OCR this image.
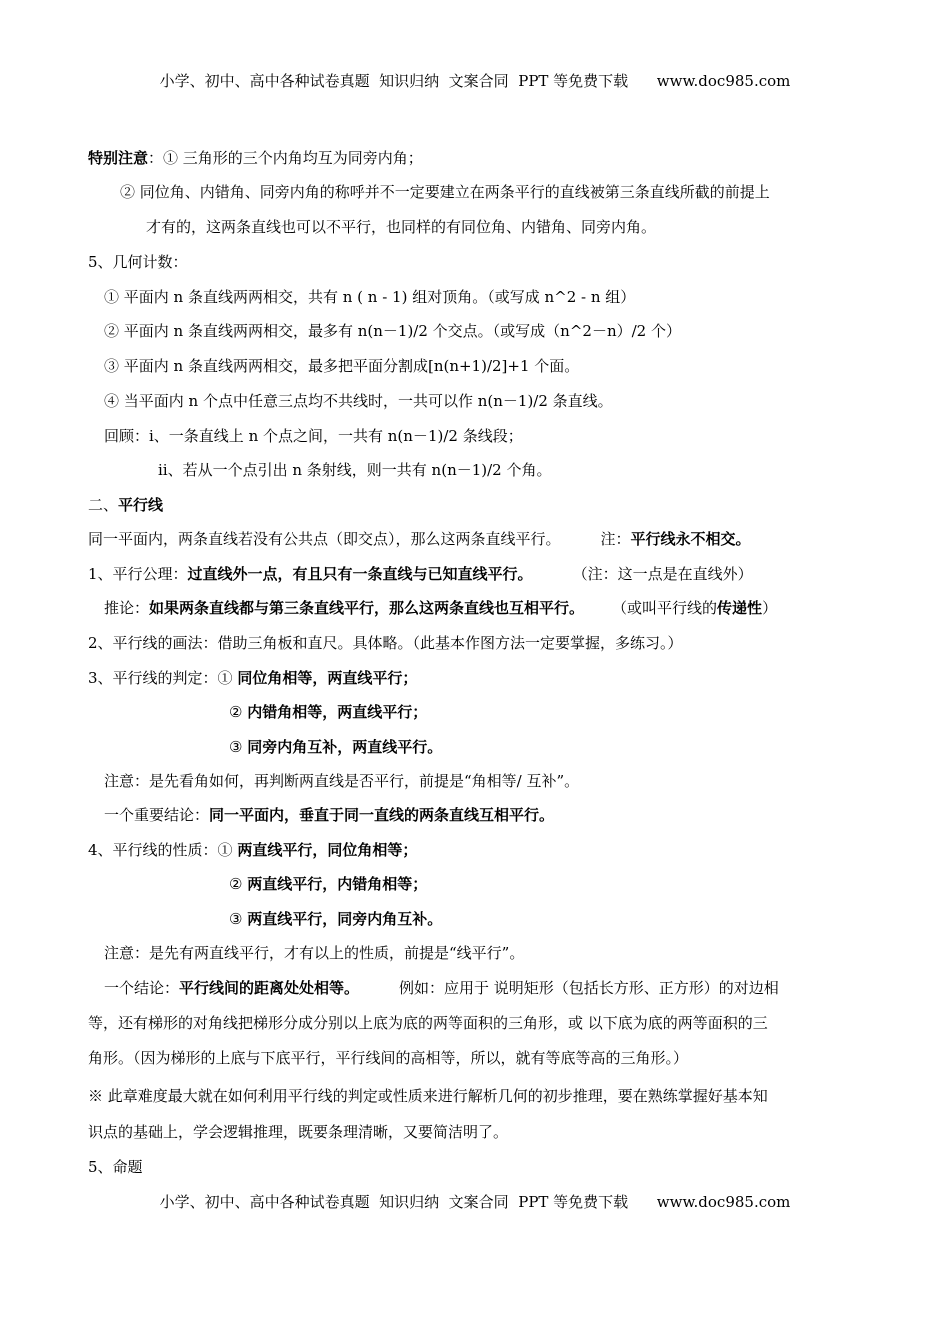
小学、初中、高中各种试卷真题  知识归纳  文案合同  PPT 等免费下载      www.doc985.com
特别注意：① 三角形的三个内角均互为同旁内角；
② 同位角、内错角、同旁内角的称呼并不一定要建立在两条平行的直线被第三条直线所截的前提上
才有的，这两条直线也可以不平行，也同样的有同位角、内错角、同旁内角。
5、几何计数：
① 平面内 n 条直线两两相交，共有 n ( n - 1) 组对顶角。（或写成 n^2 - n 组）
② 平面内 n 条直线两两相交，最多有 n(n－1)/2 个交点。（或写成（n^2－n）/2 个）
③ 平面内 n 条直线两两相交，最多把平面分割成[n(n+1)/2]+1 个面。
④ 当平面内 n 个点中任意三点均不共线时，一共可以作 n(n－1)/2 条直线。
回顾：ⅰ、一条直线上 n 个点之间，一共有 n(n－1)/2 条线段；
ⅱ、若从一个点引出 n 条射线，则一共有 n(n－1)/2 个角。
二、平行线
同一平面内，两条直线若没有公共点（即交点），那么这两条直线平行。	注：平行线永不相交。
1、平行公理：过直线外一点，有且只有一条直线与已知直线平行。	（注：这一点是在直线外）
推论：如果两条直线都与第三条直线平行，那么这两条直线也互相平行。 （或叫平行线的传递性）
2、平行线的画法：借助三角板和直尺。具体略。（此基本作图方法一定要掌握，多练习。）
3、平行线的判定：① 同位角相等，两直线平行；
② 内错角相等，两直线平行；
③ 同旁内角互补，两直线平行。
注意：是先看角如何，再判断两直线是否平行，前提是“角相等/ 互补”。
一个重要结论：同一平面内，垂直于同一直线的两条直线互相平行。
4、平行线的性质：① 两直线平行，同位角相等；
② 两直线平行，内错角相等；
③ 两直线平行，同旁内角互补。
注意：是先有两直线平行，才有以上的性质，前提是“线平行”。
一个结论：平行线间的距离处处相等。	例如：应用于 说明矩形（包括长方形、正方形）的对边相
等，还有梯形的对角线把梯形分成分别以上底为底的两等面积的三角形，或 以下底为底的两等面积的三
角形。（因为梯形的上底与下底平行，平行线间的高相等，所以，就有等底等高的三角形。）
※ 此章难度最大就在如何利用平行线的判定或性质来进行解析几何的初步推理，要在熟练掌握好基本知
识点的基础上，学会逻辑推理，既要条理清晰，又要简洁明了。
5、命题
小学、初中、高中各种试卷真题  知识归纳  文案合同  PPT 等免费下载      www.doc985.com
